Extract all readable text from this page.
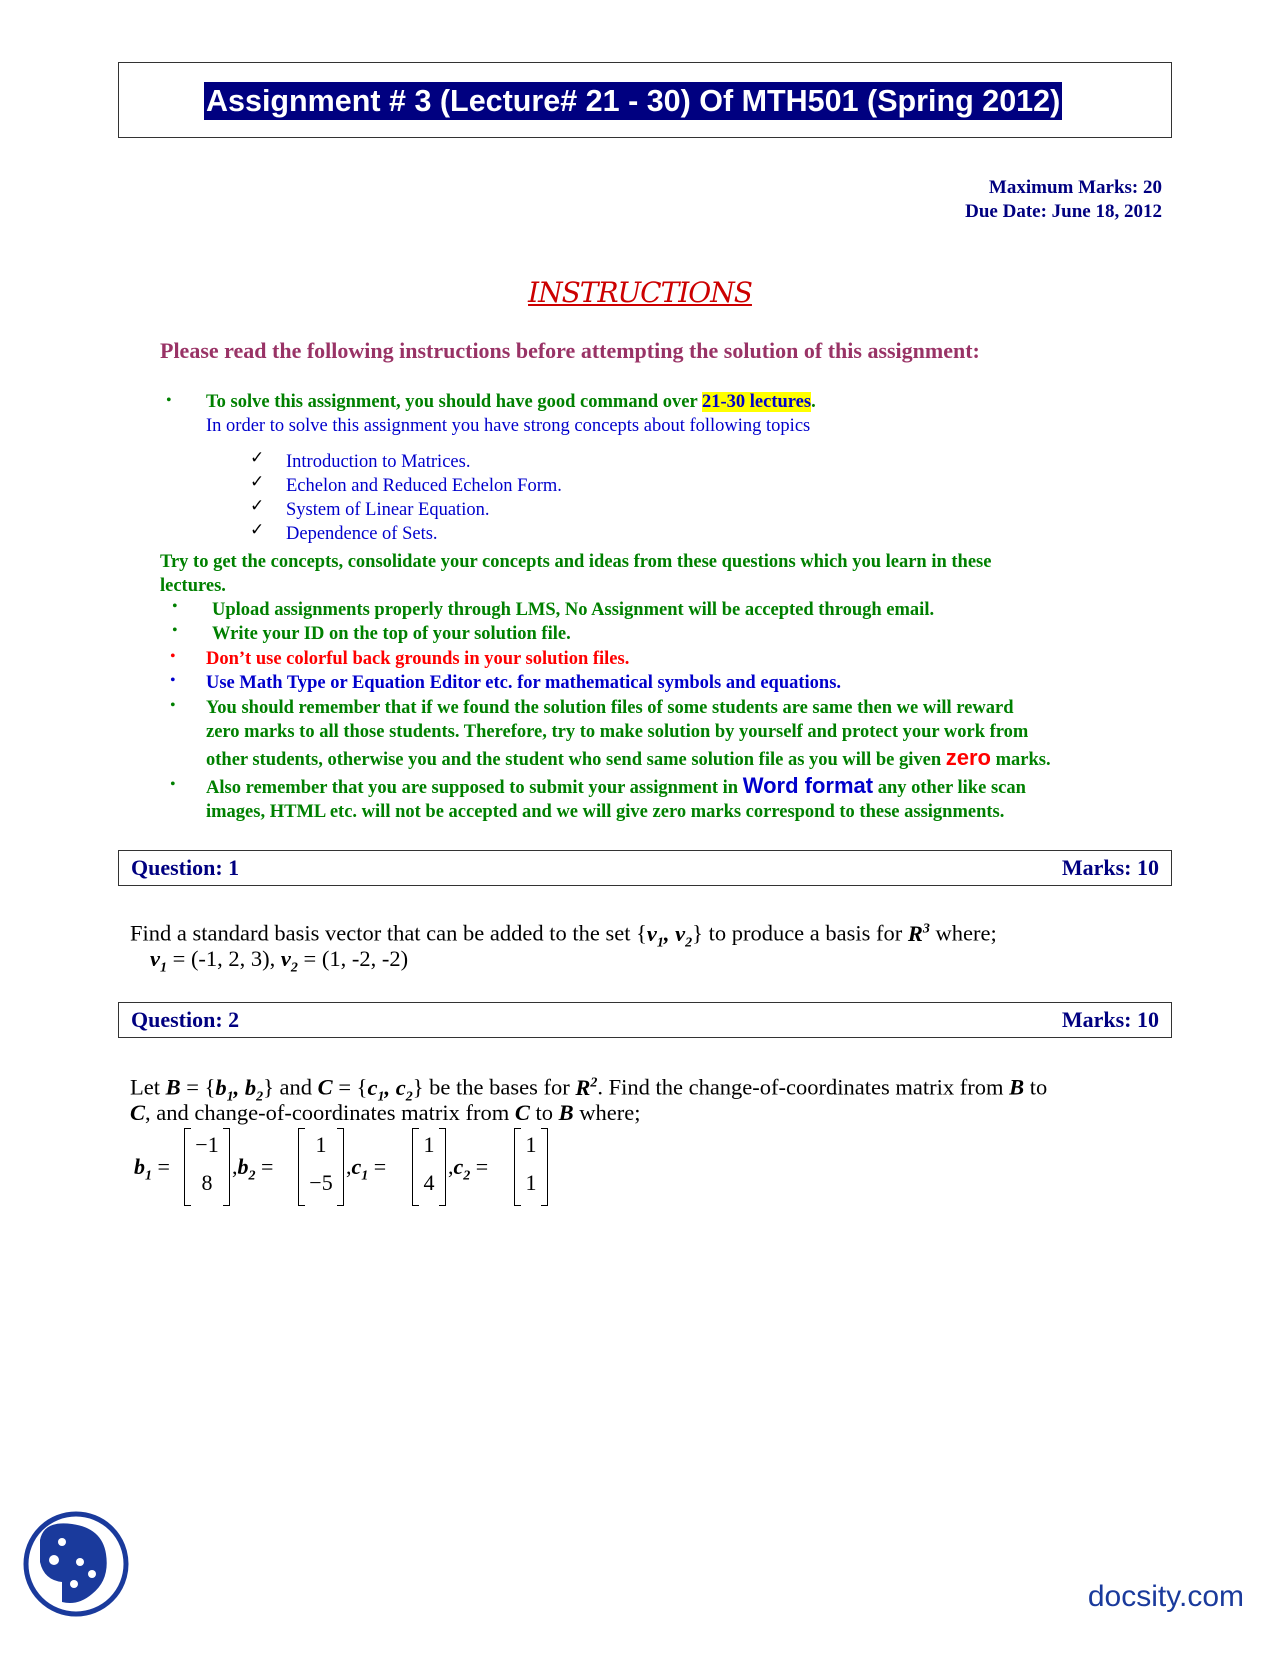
Assignment # 3 (Lecture# 21 - 30) Of MTH501 (Spring 2012)
Maximum Marks: 20
Due Date: June 18, 2012
INSTRUCTIONS
Please read the following instructions before attempting the solution of this assignment:
• To solve this assignment, you should have good command over 21-30 lectures.
In order to solve this assignment you have strong concepts about following topics
✓ Introduction to Matrices.
✓ Echelon and Reduced Echelon Form.
✓ System of Linear Equation.
✓ Dependence of Sets.
Try to get the concepts, consolidate your concepts and ideas from these questions which you learn in these
lectures.
• Upload assignments properly through LMS, No Assignment will be accepted through email.
• Write your ID on the top of your solution file.
• Don’t use colorful back grounds in your solution files.
• Use Math Type or Equation Editor etc. for mathematical symbols and equations.
• You should remember that if we found the solution files of some students are same then we will reward
zero marks to all those students. Therefore, try to make solution by yourself and protect your work from
other students, otherwise you and the student who send same solution file as you will be given zero marks.
• Also remember that you are supposed to submit your assignment in Word format any other like scan
images, HTML etc. will not be accepted and we will give zero marks correspond to these assignments.
Question: 1	Marks: 10
Find a standard basis vector that can be added to the set {$v_1$, $v_2$} to produce a basis for $R^3$ where;
$v_1 = (-1$, 2, 3), $v_2 = (1$, -2, -2)
Question: 2	Marks: 10
Let $B = \{b_1$, $b_2$} and $C = \{c_1$, $c_2$} be the bases for $R^2$. Find the change-of-coordinates matrix from B to
C, and change-of-coordinates matrix from C to B where;
$b_1$ =
−1
8
$,b_2$ =
1
−5
$,c_1$ =
1
4
$,c_2$ =
1
1
docsity.com
